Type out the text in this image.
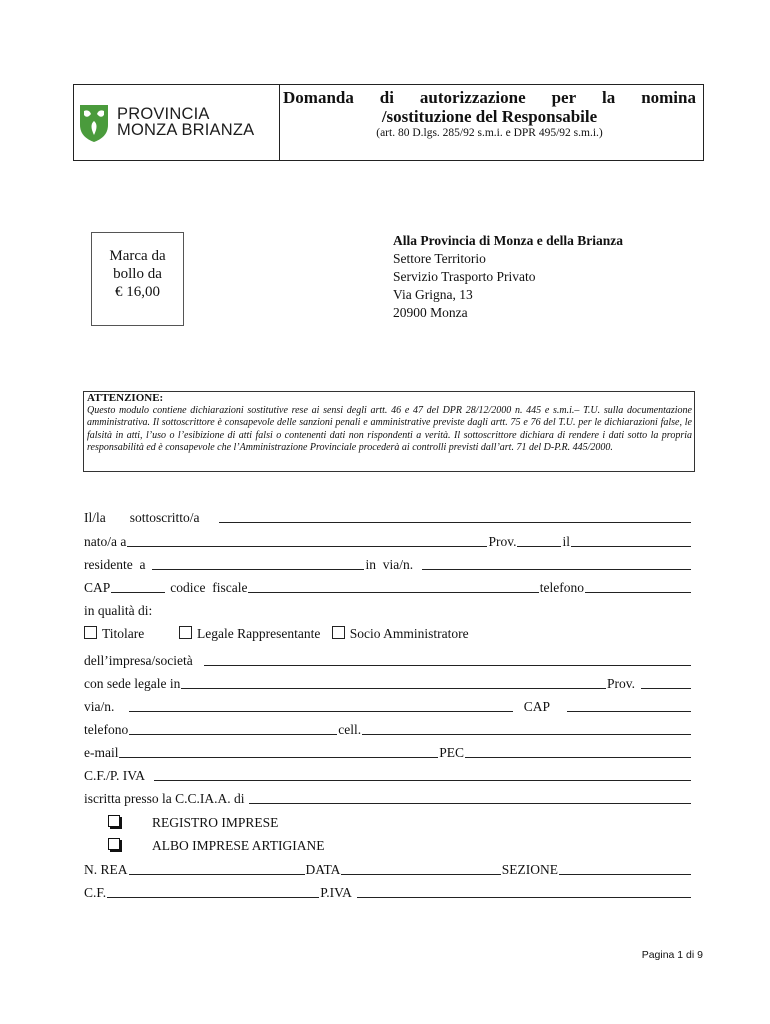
PROVINCIA
MONZA BRIANZA
Domanda di autorizzazione per la nomina
/sostituzione del Responsabile
(art. 80 D.lgs. 285/92 s.m.i. e DPR 495/92 s.m.i.)
Marca da
bollo da
€ 16,00
Alla Provincia di Monza e della Brianza
Settore Territorio
Servizio Trasporto Privato
Via Grigna, 13
20900 Monza
ATTENZIONE:
Questo modulo contiene dichiarazioni sostitutive rese ai sensi degli artt. 46 e 47 del DPR 28/12/2000 n. 445 e s.m.i.– T.U. sulla documentazione amministrativa. Il sottoscrittore è consapevole delle sanzioni penali e amministrative previste dagli artt. 75 e 76 del T.U. per le dichiarazioni false, le falsità in atti, l’uso o l’esibizione di atti falsi o contenenti dati non rispondenti a verità. Il sottoscrittore dichiara di rendere i dati sotto la propria responsabilità ed è consapevole che l’Amministrazione Provinciale procederà ai controlli previsti dall’art. 71 del D-P.R. 445/2000.
Il/la sottoscritto/a
nato/a a	Prov.	il
residente  a	in  via/n.
CAP	codice  fiscale	telefono
in qualità di:
Titolare	Legale Rappresentante Socio Amministratore
dell’impresa/società
con sede legale in	Prov.
via/n.	CAP
telefono	cell.
e-mail	PEC
C.F./P. IVA
iscritta presso la C.C.IA.A. di
REGISTRO IMPRESE
ALBO IMPRESE ARTIGIANE
N. REA	DATA	SEZIONE
C.F.	P.IVA
Pagina 1 di 9
